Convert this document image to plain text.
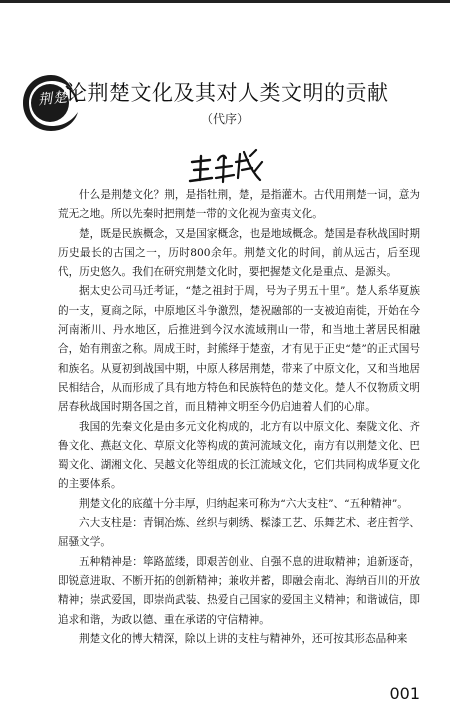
荆楚
论荆楚文化及其对人类文明的贡献
（代序）

什么是荆楚文化？荆，是指牡荆，楚，是指灌木。古代用荆楚一词，意为荒无之地。所以先秦时把荆楚一带的文化视为蛮夷文化。

楚，既是民族概念，又是国家概念，也是地域概念。楚国是春秋战国时期历史最长的古国之一，历时800余年。荆楚文化的时间，前从远古，后至现代，历史悠久。我们在研究荆楚文化时，要把握楚文化是重点、是源头。

据太史公司马迁考证，“楚之祖封于周，号为子男五十里”。楚人系华夏族的一支，夏商之际，中原地区斗争激烈，楚祝融部的一支被迫南徙，开始在今河南淅川、丹水地区，后推进到今汉水流域荆山一带，和当地土著居民相融合，始有荆蛮之称。周成王时，封熊绎于楚蛮，才有见于正史“楚”的正式国号和族名。从夏初到战国中期，中原人移居荆楚，带来了中原文化，又和当地居民相结合，从而形成了具有地方特色和民族特色的楚文化。楚人不仅物质文明居春秋战国时期各国之首，而且精神文明至今仍启迪着人们的心扉。

我国的先秦文化是由多元文化构成的，北方有以中原文化、秦陇文化、齐鲁文化、燕赵文化、草原文化等构成的黄河流域文化，南方有以荆楚文化、巴蜀文化、湖湘文化、吴越文化等组成的长江流域文化，它们共同构成华夏文化的主要体系。

荆楚文化的底蕴十分丰厚，归纳起来可称为“六大支柱”、“五种精神”。

六大支柱是：青铜冶炼、丝织与刺绣、髹漆工艺、乐舞艺术、老庄哲学、屈骚文学。

五种精神是：筚路蓝缕，即艰苦创业、自强不息的进取精神；追新逐奇，即锐意进取、不断开拓的创新精神；兼收并蓄，即融会南北、海纳百川的开放精神；崇武爱国，即崇尚武装、热爱自己国家的爱国主义精神；和谐诚信，即追求和谐，为政以德、重在承诺的守信精神。

荆楚文化的博大精深，除以上讲的支柱与精神外，还可按其形态品种来

001
